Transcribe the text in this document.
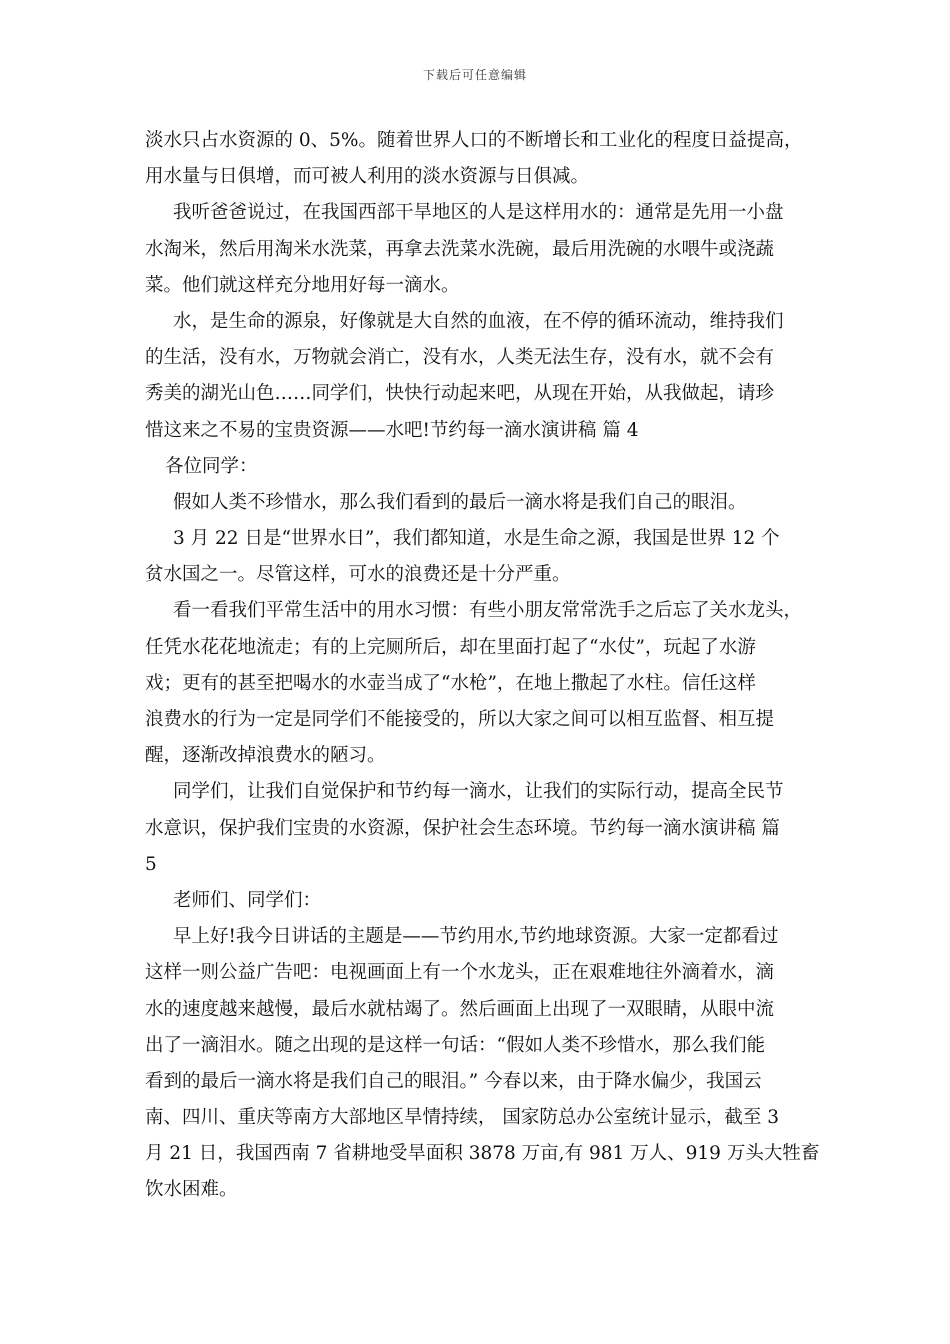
下载后可任意编辑
淡水只占水资源的 0、5%。随着世界人口的不断增长和工业化的程度日益提高，
用水量与日俱增，而可被人利用的淡水资源与日俱减。
我听爸爸说过，在我国西部干旱地区的人是这样用水的：通常是先用一小盘
水淘米，然后用淘米水洗菜，再拿去洗菜水洗碗，最后用洗碗的水喂牛或浇蔬
菜。他们就这样充分地用好每一滴水。
水，是生命的源泉，好像就是大自然的血液，在不停的循环流动，维持我们
的生活，没有水，万物就会消亡，没有水，人类无法生存，没有水，就不会有
秀美的湖光山色……同学们，快快行动起来吧，从现在开始，从我做起，请珍
惜这来之不易的宝贵资源——水吧!节约每一滴水演讲稿 篇 4
各位同学：
假如人类不珍惜水，那么我们看到的最后一滴水将是我们自己的眼泪。
3 月 22 日是“世界水日”，我们都知道，水是生命之源，我国是世界 12 个
贫水国之一。尽管这样，可水的浪费还是十分严重。
看一看我们平常生活中的用水习惯：有些小朋友常常洗手之后忘了关水龙头，
任凭水花花地流走；有的上完厕所后，却在里面打起了“水仗”，玩起了水游
戏；更有的甚至把喝水的水壶当成了“水枪”，在地上撒起了水柱。信任这样
浪费水的行为一定是同学们不能接受的，所以大家之间可以相互监督、相互提
醒，逐渐改掉浪费水的陋习。
同学们，让我们自觉保护和节约每一滴水，让我们的实际行动，提高全民节
水意识，保护我们宝贵的水资源，保护社会生态环境。节约每一滴水演讲稿 篇
5
老师们、同学们：
早上好!我今日讲话的主题是——节约用水,节约地球资源。大家一定都看过
这样一则公益广告吧：电视画面上有一个水龙头，正在艰难地往外滴着水，滴
水的速度越来越慢，最后水就枯竭了。然后画面上出现了一双眼睛，从眼中流
出了一滴泪水。随之出现的是这样一句话：“假如人类不珍惜水，那么我们能
看到的最后一滴水将是我们自己的眼泪。” 今春以来，由于降水偏少，我国云
南、四川、重庆等南方大部地区旱情持续， 国家防总办公室统计显示，截至 3
月 21 日，我国西南 7 省耕地受旱面积 3878 万亩,有 981 万人、919 万头大牲畜
饮水困难。
